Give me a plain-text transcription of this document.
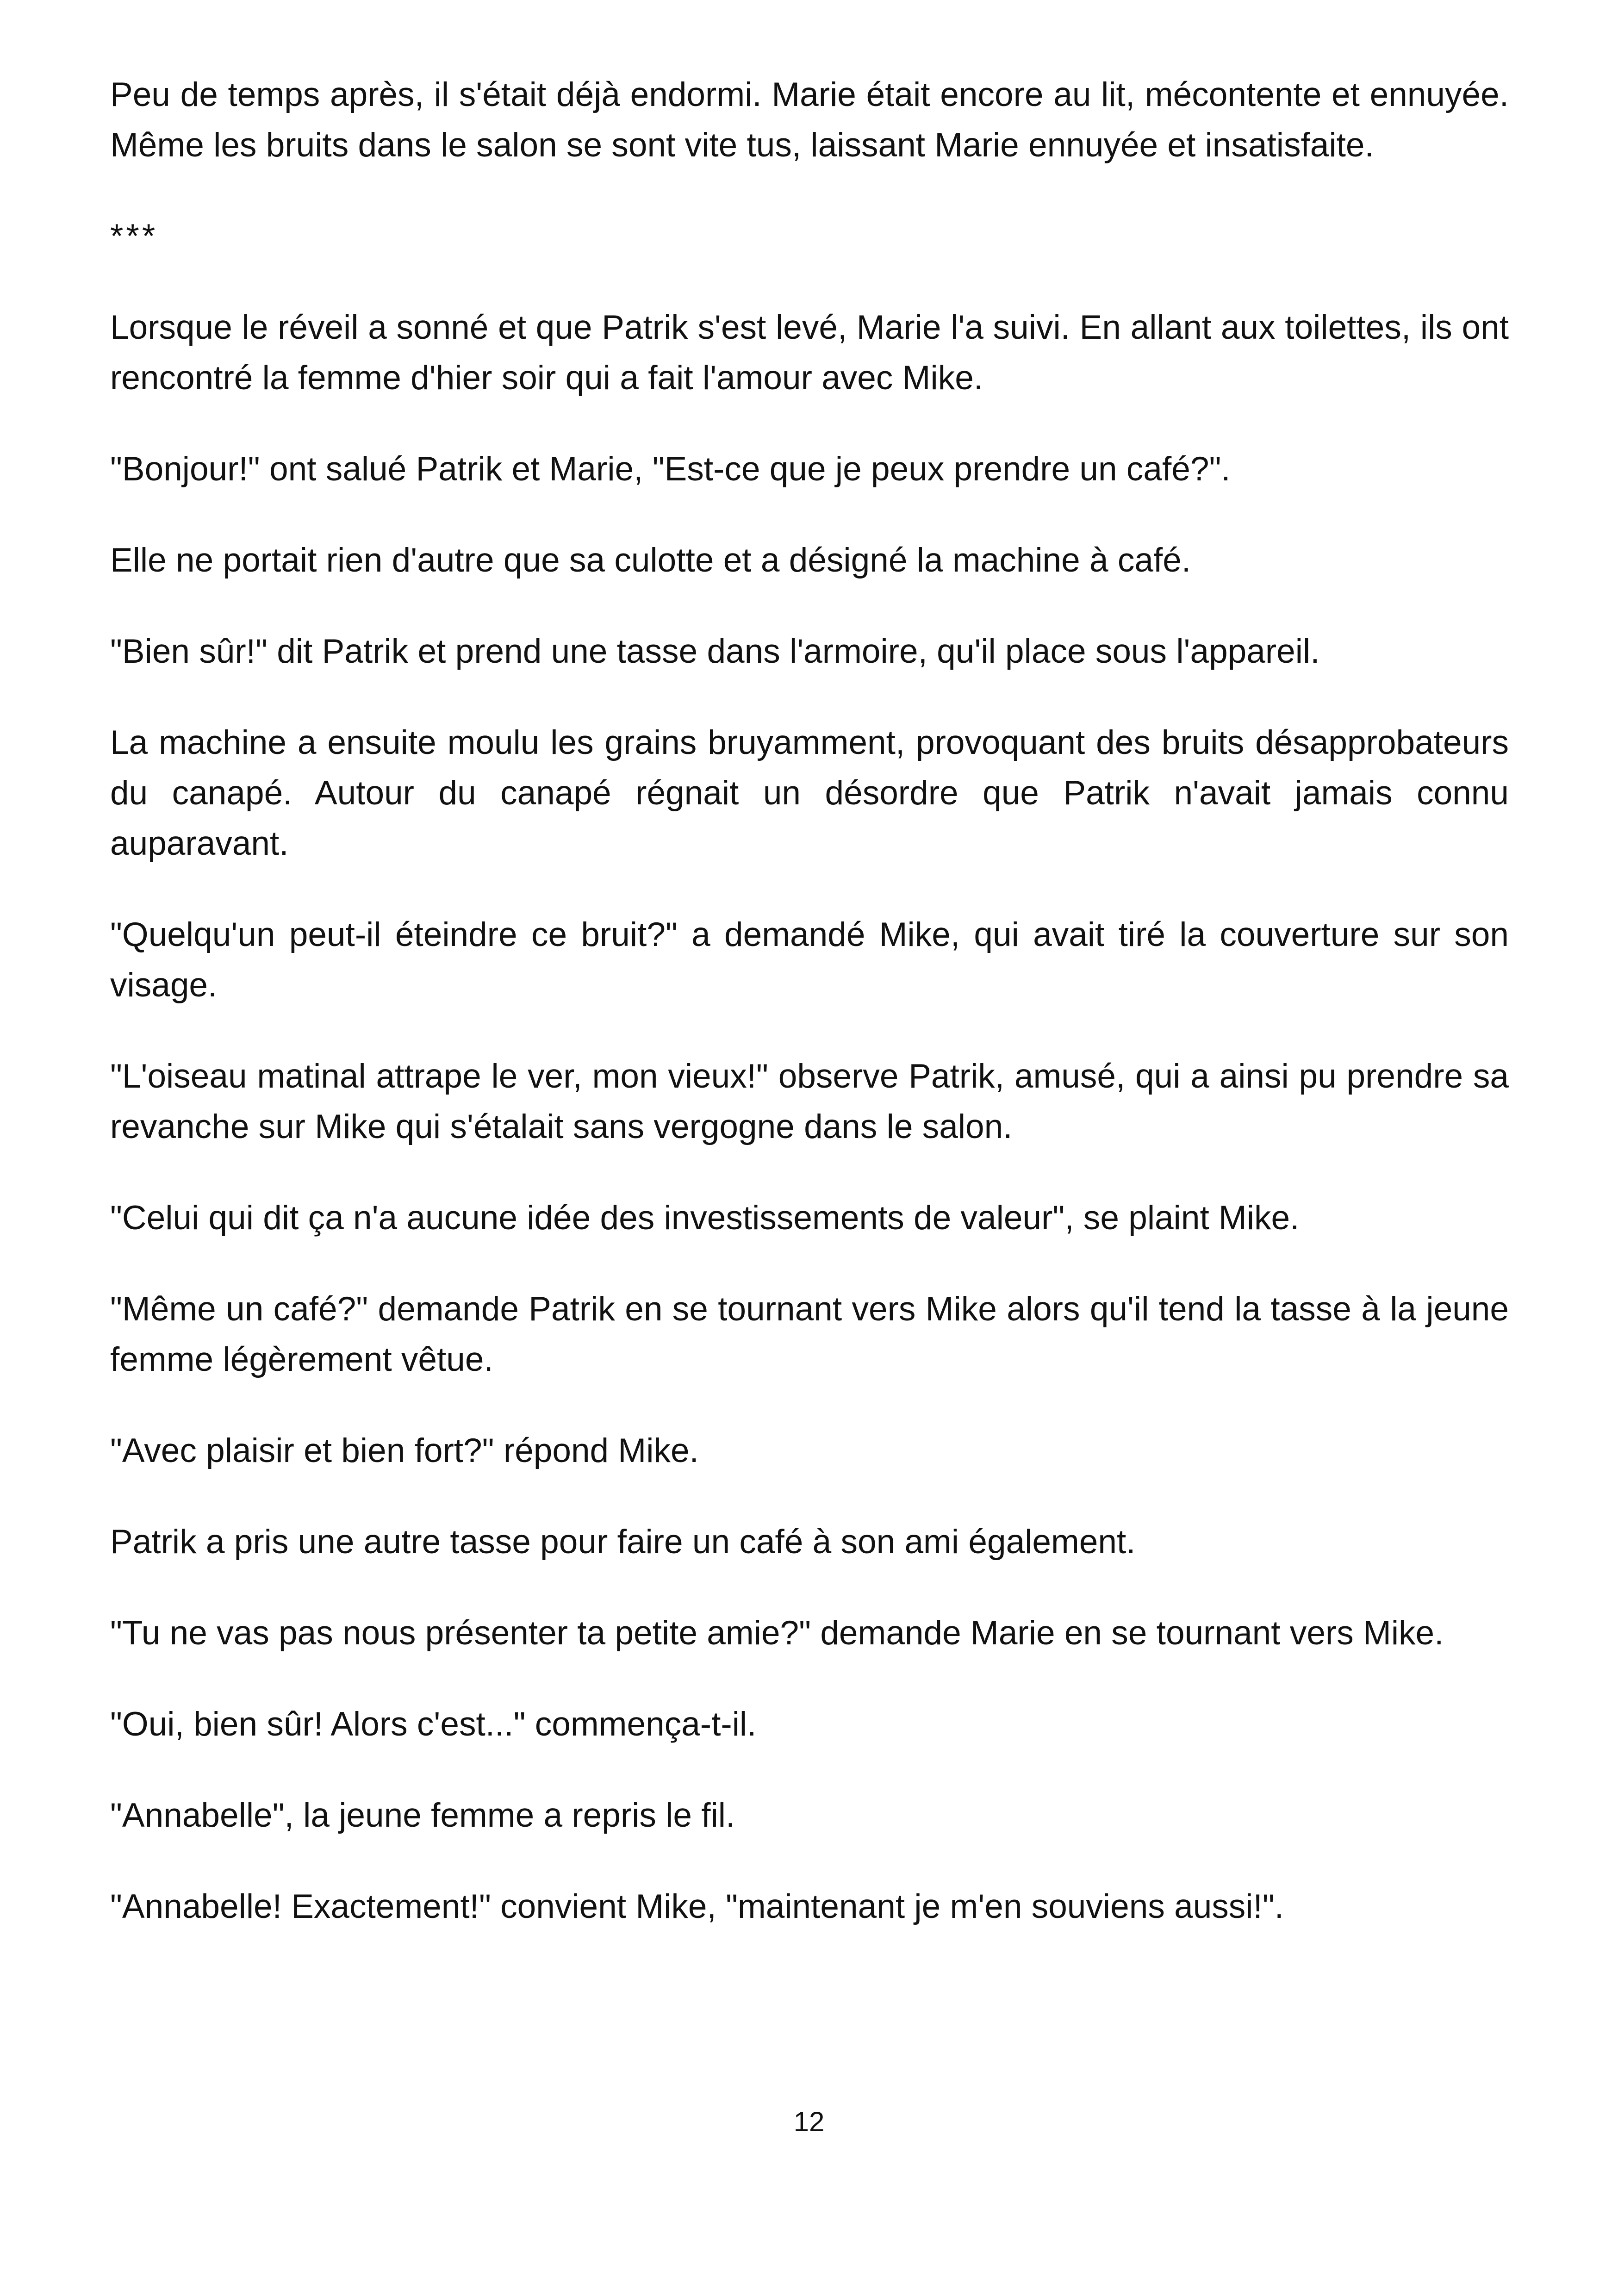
Peu de temps après, il s'était déjà endormi. Marie était encore au lit, mécontente et ennuyée. Même les bruits dans le salon se sont vite tus, laissant Marie ennuyée et insatisfaite.

***

Lorsque le réveil a sonné et que Patrik s'est levé, Marie l'a suivi. En allant aux toilettes, ils ont rencontré la femme d'hier soir qui a fait l'amour avec Mike.

"Bonjour!" ont salué Patrik et Marie, "Est-ce que je peux prendre un café?".

Elle ne portait rien d'autre que sa culotte et a désigné la machine à café.

"Bien sûr!" dit Patrik et prend une tasse dans l'armoire, qu'il place sous l'appareil.

La machine a ensuite moulu les grains bruyamment, provoquant des bruits désapprobateurs du canapé. Autour du canapé régnait un désordre que Patrik n'avait jamais connu auparavant.

"Quelqu'un peut-il éteindre ce bruit?" a demandé Mike, qui avait tiré la couverture sur son visage.

"L'oiseau matinal attrape le ver, mon vieux!" observe Patrik, amusé, qui a ainsi pu prendre sa revanche sur Mike qui s'étalait sans vergogne dans le salon.

"Celui qui dit ça n'a aucune idée des investissements de valeur", se plaint Mike.

"Même un café?" demande Patrik en se tournant vers Mike alors qu'il tend la tasse à la jeune femme légèrement vêtue.

"Avec plaisir et bien fort?" répond Mike.

Patrik a pris une autre tasse pour faire un café à son ami également.

"Tu ne vas pas nous présenter ta petite amie?" demande Marie en se tournant vers Mike.

"Oui, bien sûr! Alors c'est..." commença-t-il.

"Annabelle", la jeune femme a repris le fil.

"Annabelle! Exactement!" convient Mike, "maintenant je m'en souviens aussi!".

12
